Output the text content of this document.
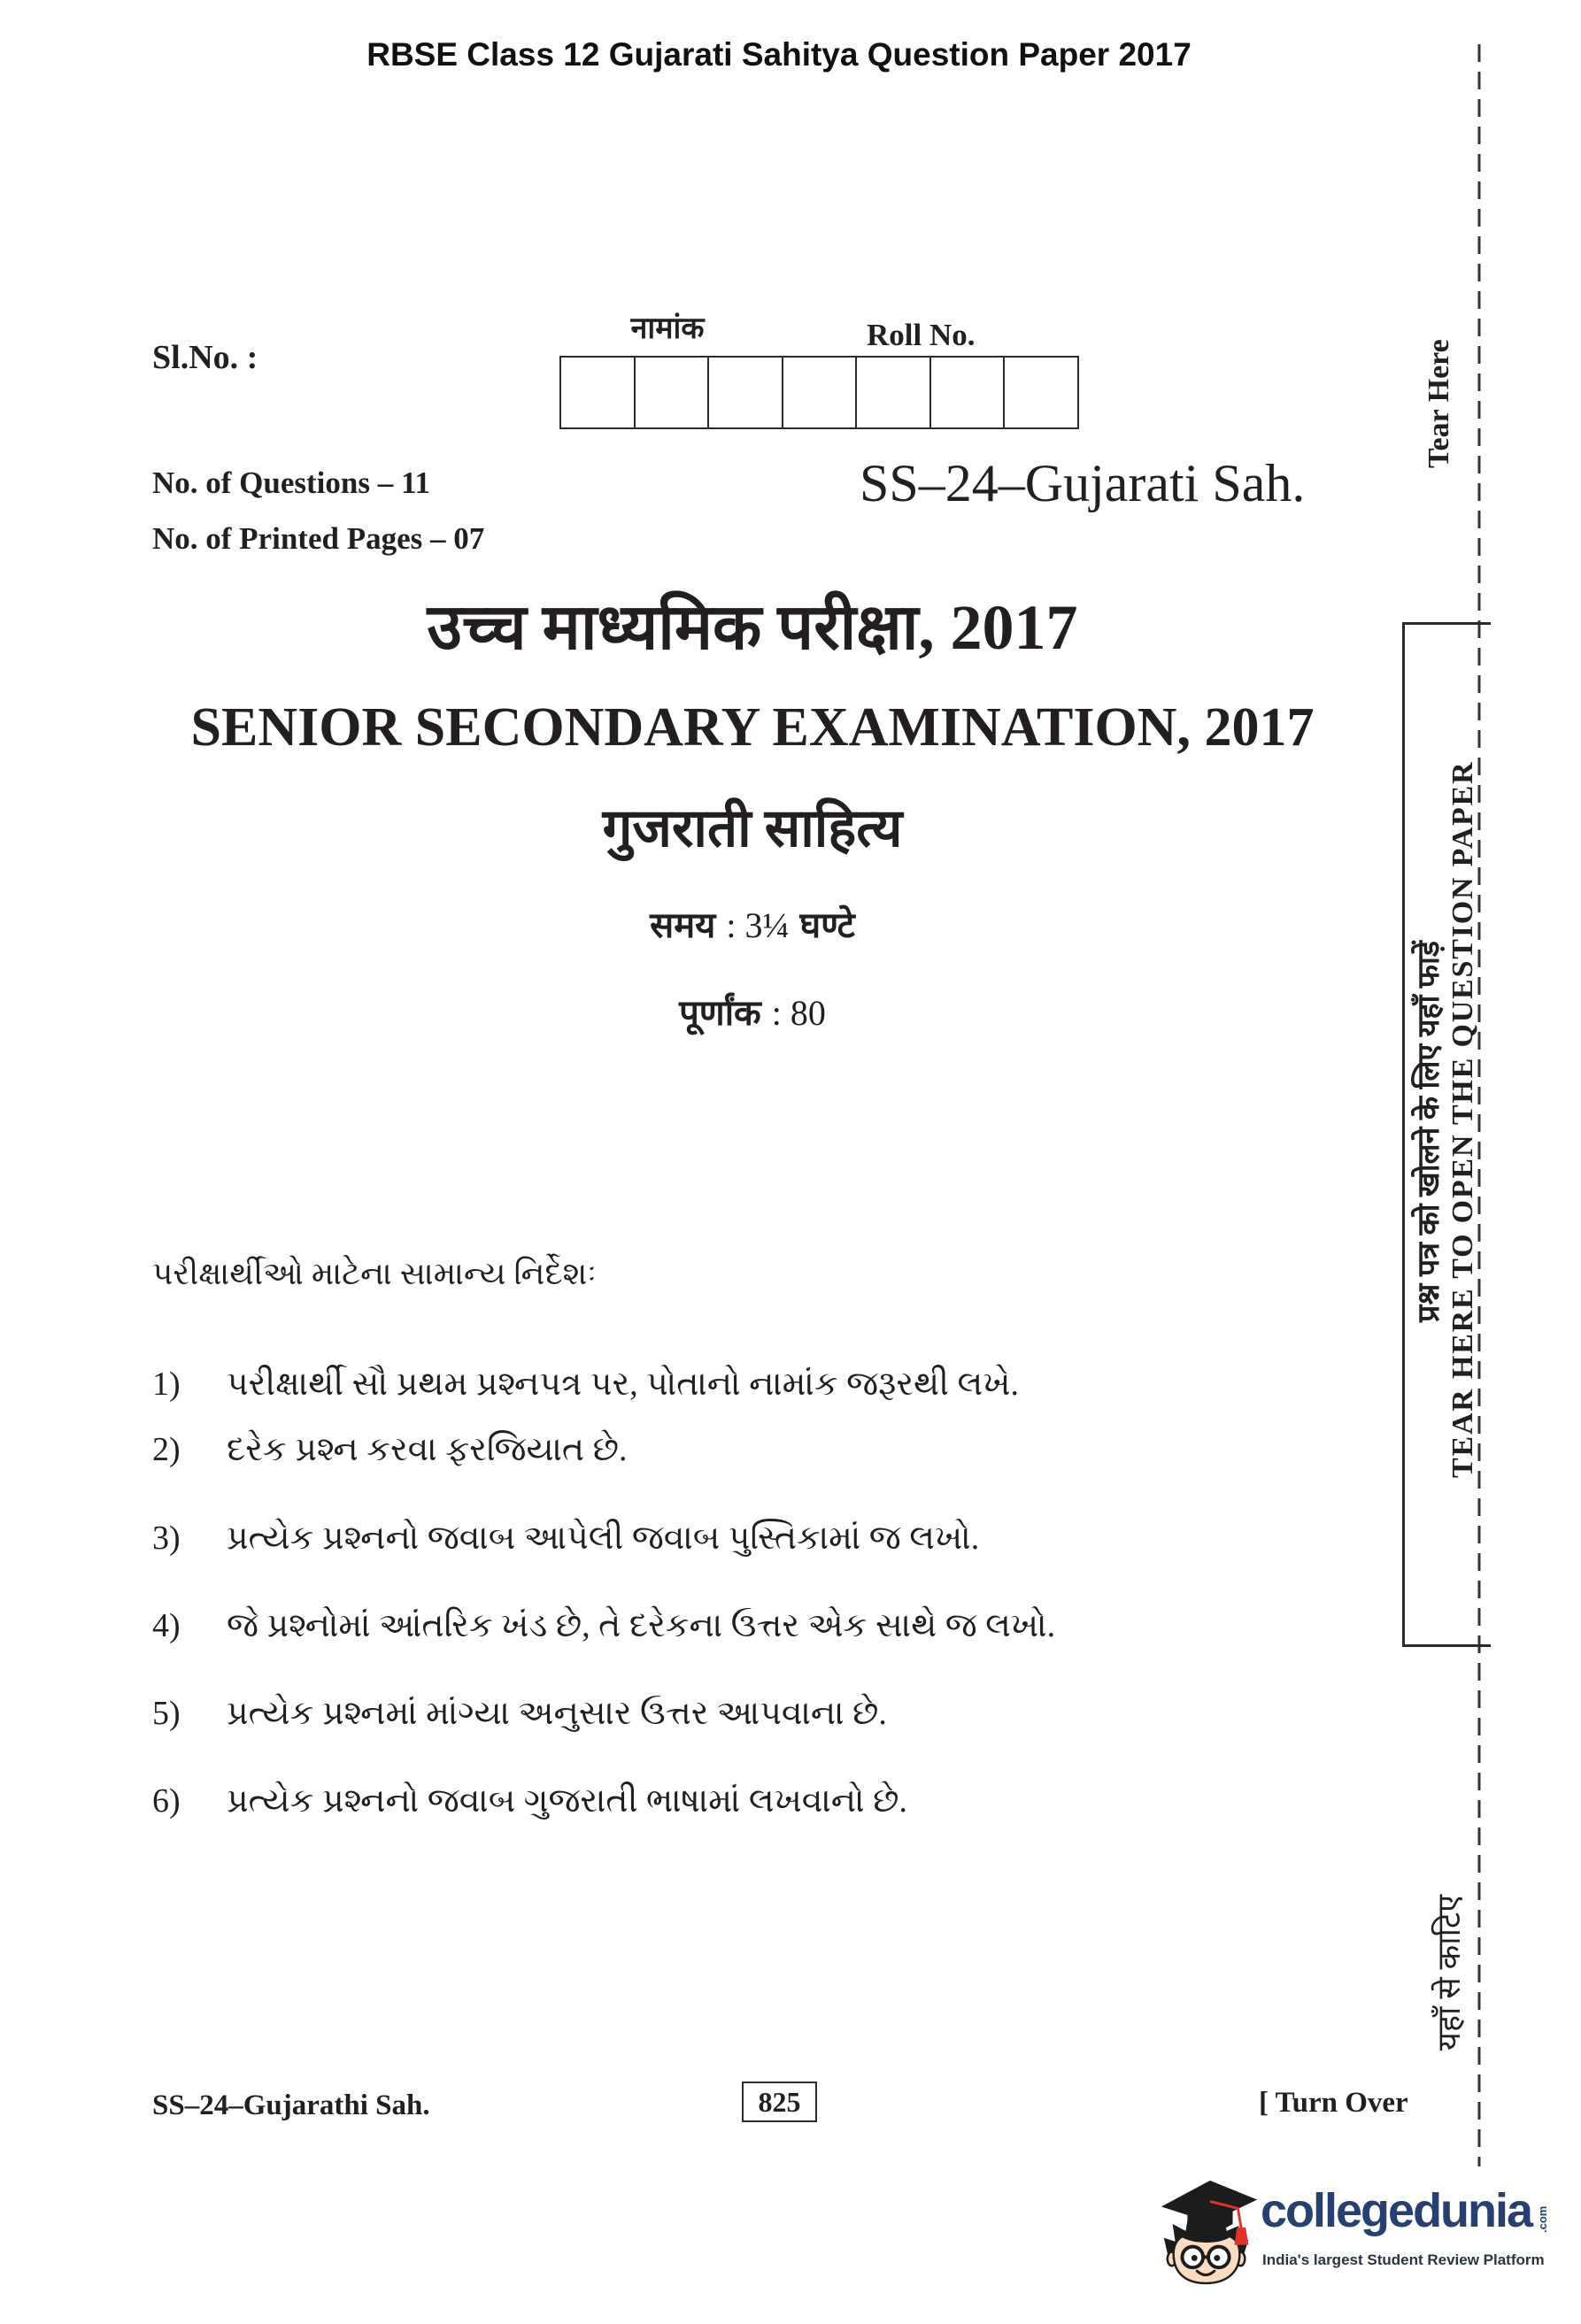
RBSE Class 12 Gujarati Sahitya Question Paper 2017
Tear Here
Sl.No. :
नामांक	Roll No.
No. of Questions – 11
No. of Printed Pages – 07
SS–24–Gujarati Sah.
उच्च माध्यमिक परीक्षा, 2017
SENIOR SECONDARY EXAMINATION, 2017
गुजराती साहित्य
समय : 3¼ घण्टे
पूर्णांक : 80	प्रश्न पत्र को खोलने के लिए यहाँ फाड़ें TEAR HERE TO OPEN THE QUESTION PAPER
પરીક્ષાર્થીઓ માટેના સામાન્ય નિર્દેશઃ
1) પરીક્ષાર્થી સૌ પ્રથમ પ્રશ્નપત્ર પર, પોતાનો નામાંક જરૂરથી લખે.
2) દરેક પ્રશ્ન કરવા ફરજિયાત છે.
3) પ્રત્યેક પ્રશ્નનો જવાબ આપેલી જવાબ પુસ્તિકામાં જ લખો.
4) જે પ્રશ્નોમાં આંતરિક ખંડ છે, તે દરેકના ઉત્તર એક સાથે જ લખો.
5) પ્રત્યેક પ્રશ્નમાં માંગ્યા અનુસાર ઉત્તર આપવાના છે.
6) પ્રત્યેક પ્રશ્નનો જવાબ ગુજરાતી ભાષામાં લખવાનો છે.
यहाँ से काटिए
SS–24–Gujarathi Sah.	825	[ Turn Over
collegedunia .com
India's largest Student Review Platform
